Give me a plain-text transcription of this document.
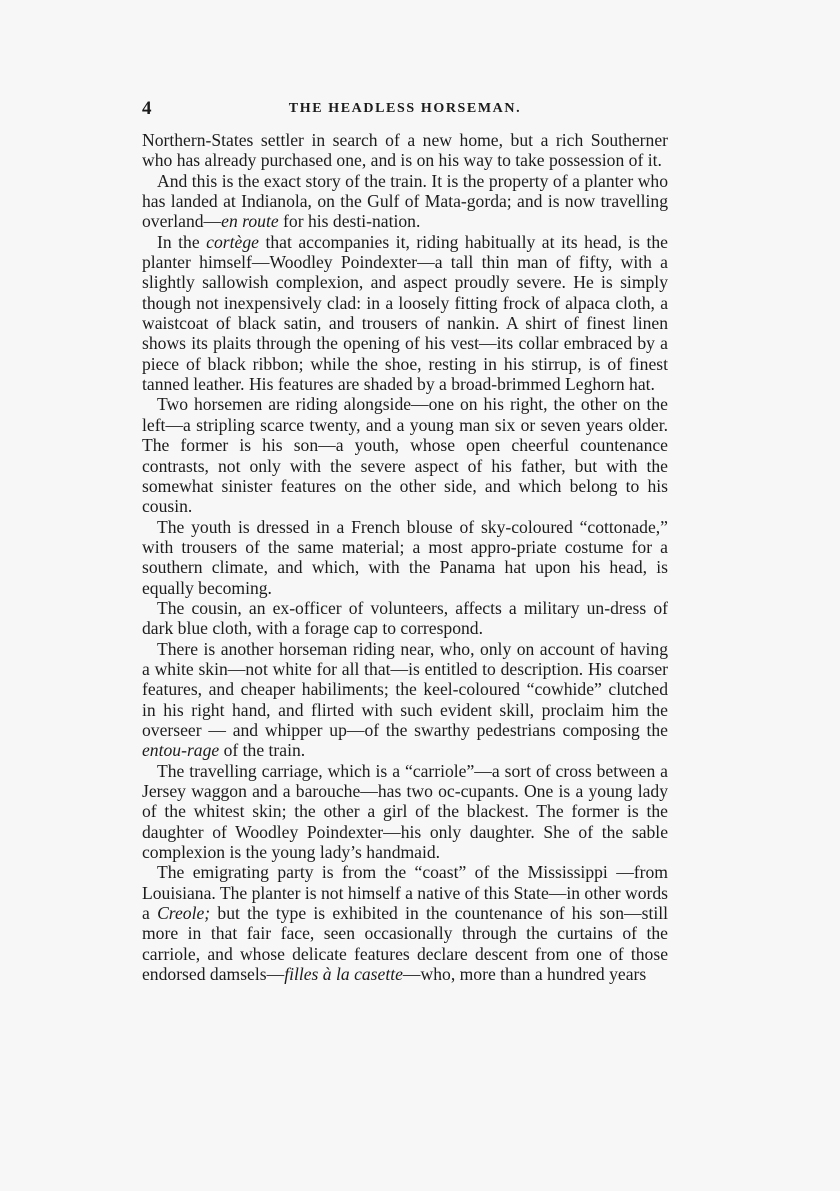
4	THE HEADLESS HORSEMAN.

Northern-States settler in search of a new home, but a rich Southerner who has already purchased one, and is on his way to take possession of it.

And this is the exact story of the train. It is the property of a planter who has landed at Indianola, on the Gulf of Mata-gorda; and is now travelling overland—en route for his desti-nation.

In the cortège that accompanies it, riding habitually at its head, is the planter himself—Woodley Poindexter—a tall thin man of fifty, with a slightly sallowish complexion, and aspect proudly severe. He is simply though not inexpensively clad: in a loosely fitting frock of alpaca cloth, a waistcoat of black satin, and trousers of nankin. A shirt of finest linen shows its plaits through the opening of his vest—its collar embraced by a piece of black ribbon; while the shoe, resting in his stirrup, is of finest tanned leather. His features are shaded by a broad-brimmed Leghorn hat.

Two horsemen are riding alongside—one on his right, the other on the left—a stripling scarce twenty, and a young man six or seven years older. The former is his son—a youth, whose open cheerful countenance contrasts, not only with the severe aspect of his father, but with the somewhat sinister features on the other side, and which belong to his cousin.

The youth is dressed in a French blouse of sky-coloured “cottonade,” with trousers of the same material; a most appro-priate costume for a southern climate, and which, with the Panama hat upon his head, is equally becoming.

The cousin, an ex-officer of volunteers, affects a military un-dress of dark blue cloth, with a forage cap to correspond.

There is another horseman riding near, who, only on account of having a white skin—not white for all that—is entitled to description. His coarser features, and cheaper habiliments; the keel-coloured “cowhide” clutched in his right hand, and flirted with such evident skill, proclaim him the overseer — and whipper up—of the swarthy pedestrians composing the entou-rage of the train.

The travelling carriage, which is a “carriole”—a sort of cross between a Jersey waggon and a barouche—has two oc-cupants. One is a young lady of the whitest skin; the other a girl of the blackest. The former is the daughter of Woodley Poindexter—his only daughter. She of the sable complexion is the young lady’s handmaid.

The emigrating party is from the “coast” of the Mississippi —from Louisiana. The planter is not himself a native of this State—in other words a Creole; but the type is exhibited in the countenance of his son—still more in that fair face, seen occasionally through the curtains of the carriole, and whose delicate features declare descent from one of those endorsed damsels—filles à la casette—who, more than a hundred years
